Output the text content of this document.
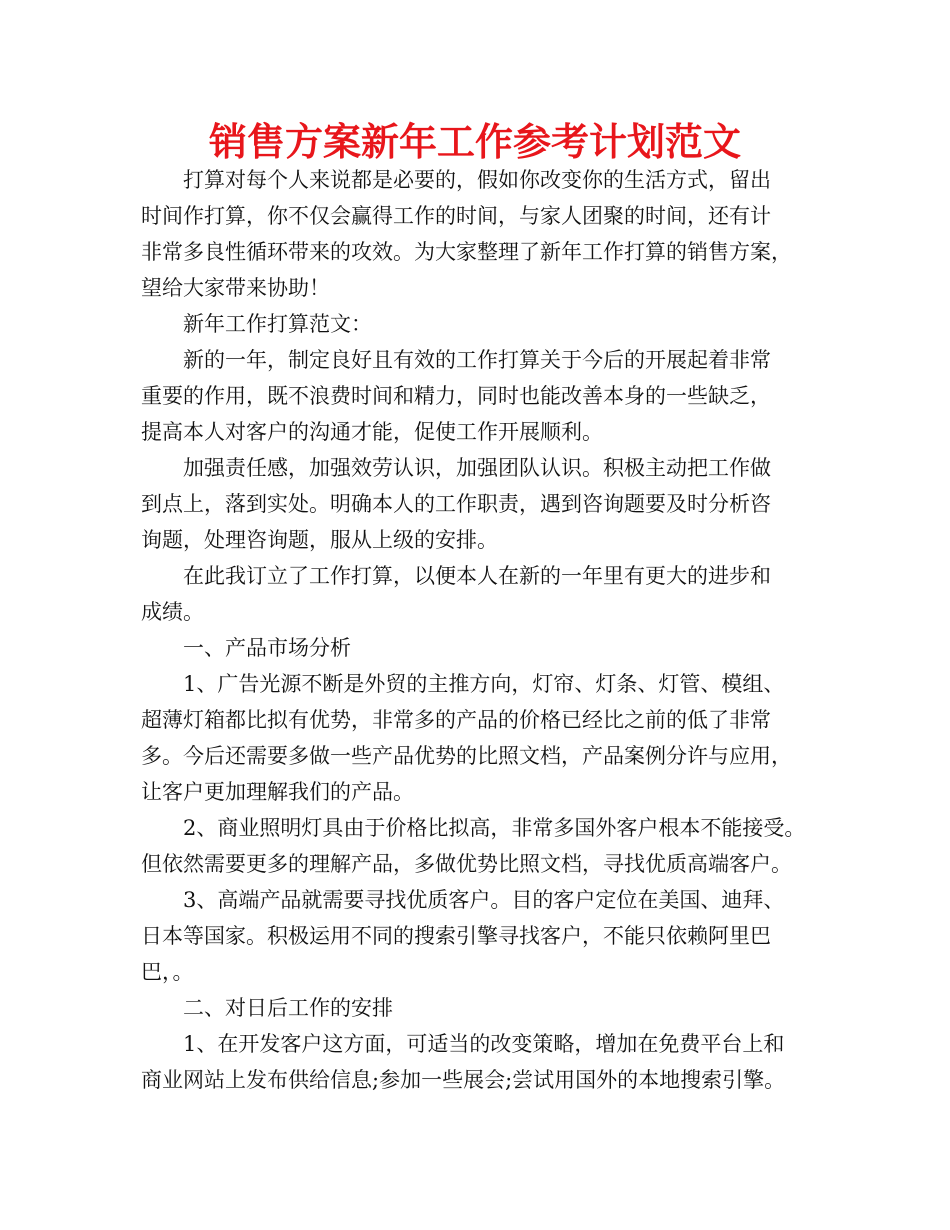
销售方案新年工作参考计划范文
打算对每个人来说都是必要的，假如你改变你的生活方式，留出
时间作打算，你不仅会赢得工作的时间，与家人团聚的时间，还有计
非常多良性循环带来的攻效。为大家整理了新年工作打算的销售方案，
望给大家带来协助！
新年工作打算范文：
新的一年，制定良好且有效的工作打算关于今后的开展起着非常
重要的作用，既不浪费时间和精力，同时也能改善本身的一些缺乏，
提高本人对客户的沟通才能，促使工作开展顺利。
加强责任感，加强效劳认识，加强团队认识。积极主动把工作做
到点上，落到实处。明确本人的工作职责，遇到咨询题要及时分析咨
询题，处理咨询题，服从上级的安排。
在此我订立了工作打算，以便本人在新的一年里有更大的进步和
成绩。
一、产品市场分析
1、广告光源不断是外贸的主推方向，灯帘、灯条、灯管、模组、
超薄灯箱都比拟有优势，非常多的产品的价格已经比之前的低了非常
多。今后还需要多做一些产品优势的比照文档，产品案例分许与应用，
让客户更加理解我们的产品。
2、商业照明灯具由于价格比拟高，非常多国外客户根本不能接受。
但依然需要更多的理解产品，多做优势比照文档，寻找优质高端客户。
3、高端产品就需要寻找优质客户。目的客户定位在美国、迪拜、
日本等国家。积极运用不同的搜索引擎寻找客户，不能只依赖阿里巴
巴，。
二、对日后工作的安排
1、在开发客户这方面，可适当的改变策略，增加在免费平台上和
商业网站上发布供给信息;参加一些展会;尝试用国外的本地搜索引擎。
